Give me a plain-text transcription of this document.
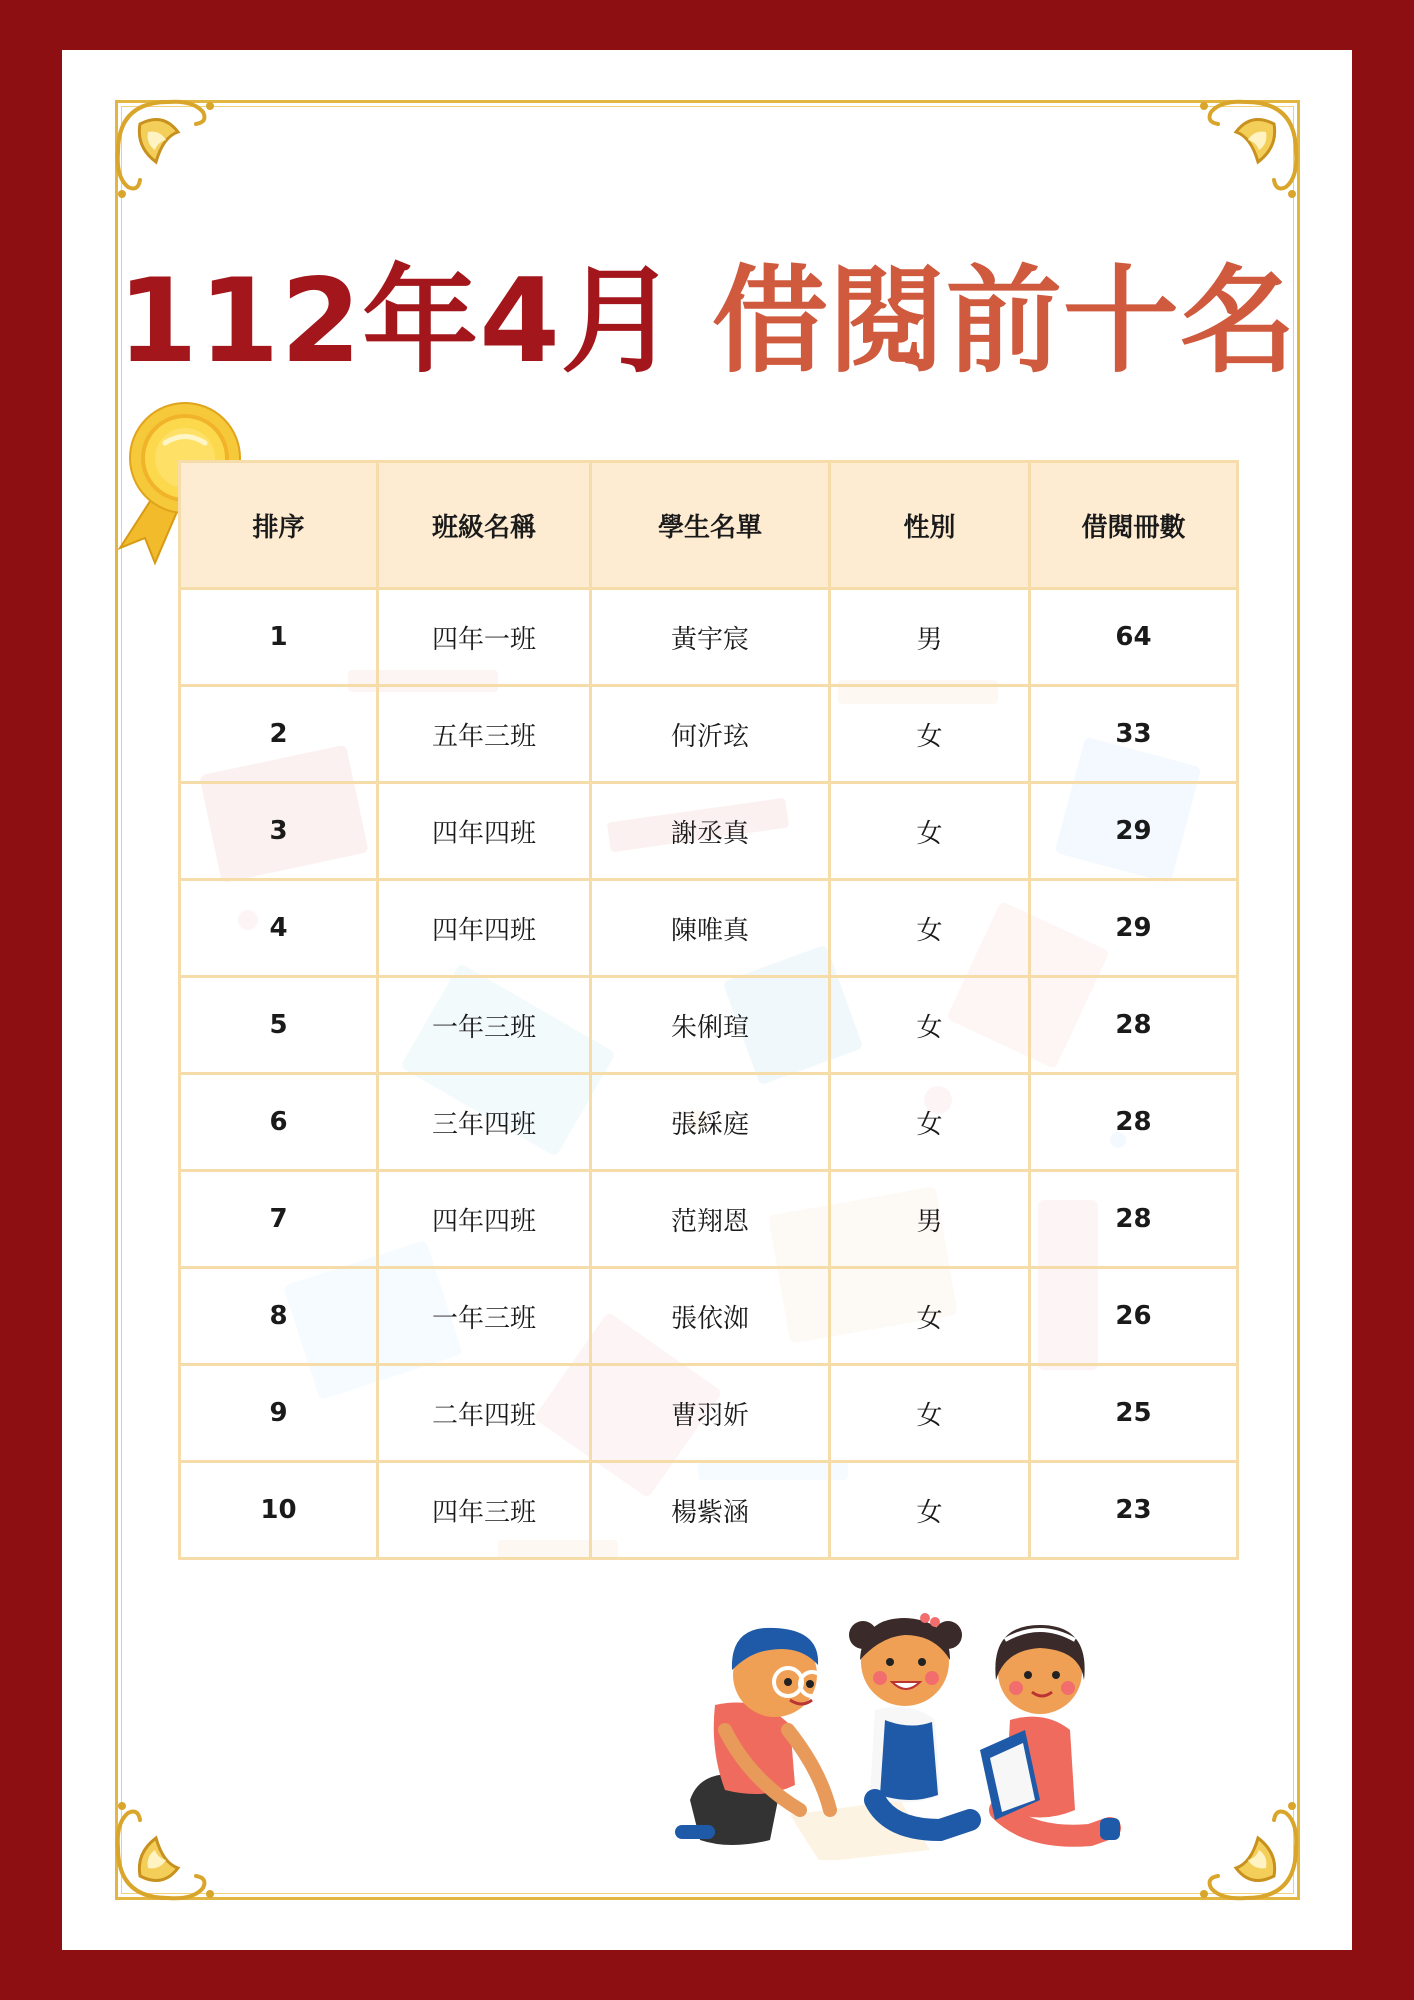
112年4月 借閱前十名
排序	班級名稱	學生名單	性別	借閱冊數
1	四年一班	黃宇宸	男	64
2	五年三班	何沂玹	女	33
3	四年四班	謝丞真	女	29
4	四年四班	陳唯真	女	29
5	一年三班	朱俐瑄	女	28
6	三年四班	張綵庭	女	28
7	四年四班	范翔恩	男	28
8	一年三班	張依洳	女	26
9	二年四班	曹羽妡	女	25
10	四年三班	楊紫涵	女	23
